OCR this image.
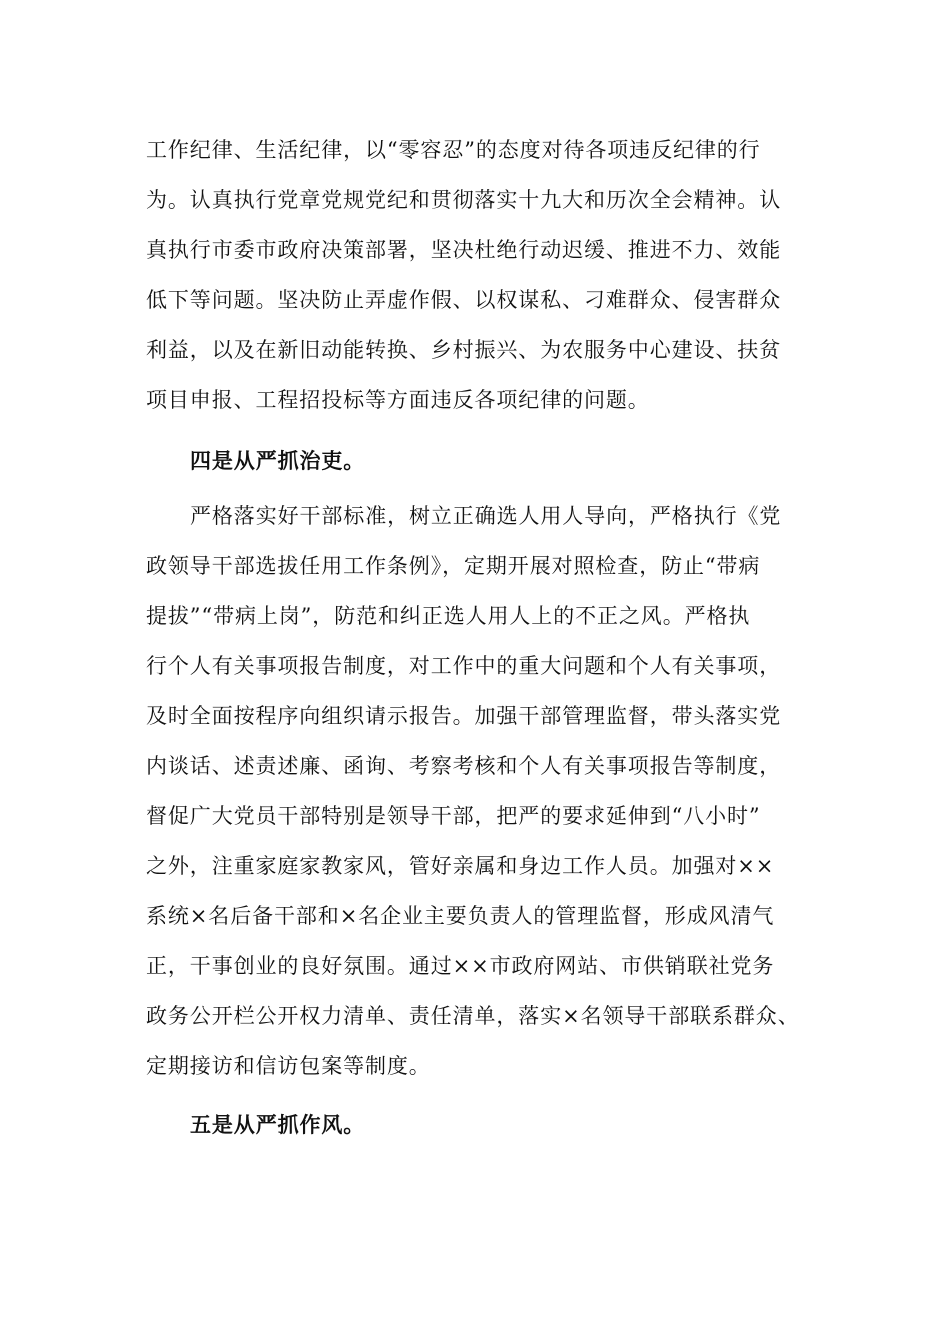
工作纪律、生活纪律，以“零容忍”的态度对待各项违反纪律的行
为。认真执行党章党规党纪和贯彻落实十九大和历次全会精神。认
真执行市委市政府决策部署，坚决杜绝行动迟缓、推进不力、效能
低下等问题。坚决防止弄虚作假、以权谋私、刁难群众、侵害群众
利益，以及在新旧动能转换、乡村振兴、为农服务中心建设、扶贫
项目申报、工程招投标等方面违反各项纪律的问题。
四是从严抓治吏。
严格落实好干部标准，树立正确选人用人导向，严格执行《党
政领导干部选拔任用工作条例》，定期开展对照检查，防止“带病
提拔”“带病上岗”，防范和纠正选人用人上的不正之风。严格执
行个人有关事项报告制度，对工作中的重大问题和个人有关事项，
及时全面按程序向组织请示报告。加强干部管理监督，带头落实党
内谈话、述责述廉、函询、考察考核和个人有关事项报告等制度，
督促广大党员干部特别是领导干部，把严的要求延伸到“八小时”
之外，注重家庭家教家风，管好亲属和身边工作人员。加强对××
系统×名后备干部和×名企业主要负责人的管理监督，形成风清气
正，干事创业的良好氛围。通过××市政府网站、市供销联社党务
政务公开栏公开权力清单、责任清单，落实×名领导干部联系群众、
定期接访和信访包案等制度。
五是从严抓作风。
